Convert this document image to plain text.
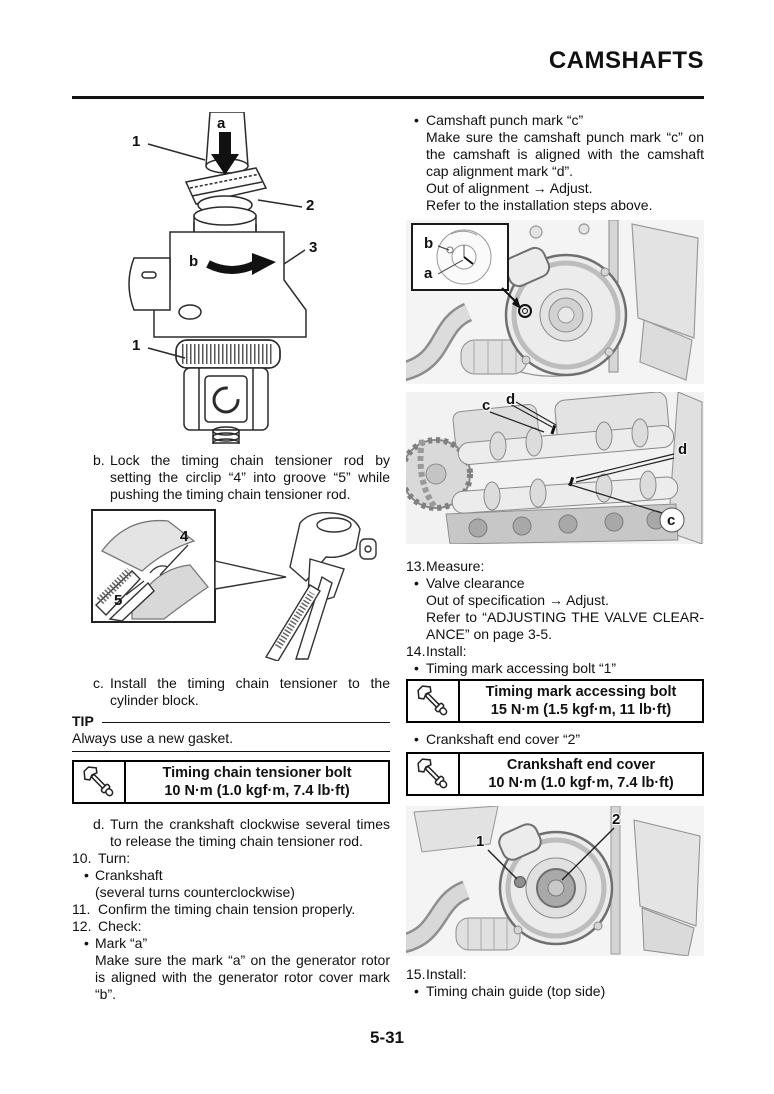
CAMSHAFTS
1
a
2
b
3
1
b. Lock the timing chain tensioner rod by setting the circlip “4” into groove “5” while pushing the timing chain tensioner rod.
4
5
c. Install the timing chain tensioner to the cylinder block.
TIP
Always use a new gasket.
Timing chain tensioner bolt
10 N·m (1.0 kgf·m, 7.4 lb·ft)
d. Turn the crankshaft clockwise several times to release the timing chain tensioner rod.
10. Turn:
• Crankshaft
(several turns counterclockwise)
11. Confirm the timing chain tension properly.
12. Check:
• Mark “a”
Make sure the mark “a” on the generator rotor is aligned with the generator rotor cover mark “b”.
• Camshaft punch mark “c”
Make sure the camshaft punch mark “c” on the camshaft is aligned with the camshaft cap alignment mark “d”.
Out of alignment → Adjust.
Refer to the installation steps above.
b
a
c d
d
c
13. Measure:
• Valve clearance
Out of specification → Adjust.
Refer to “ADJUSTING THE VALVE CLEAR-
ANCE” on page 3-5.
14. Install:
• Timing mark accessing bolt “1”
Timing mark accessing bolt
15 N·m (1.5 kgf·m, 11 lb·ft)
• Crankshaft end cover “2”
Crankshaft end cover
10 N·m (1.0 kgf·m, 7.4 lb·ft)
1
2
15. Install:
• Timing chain guide (top side)
5-31
